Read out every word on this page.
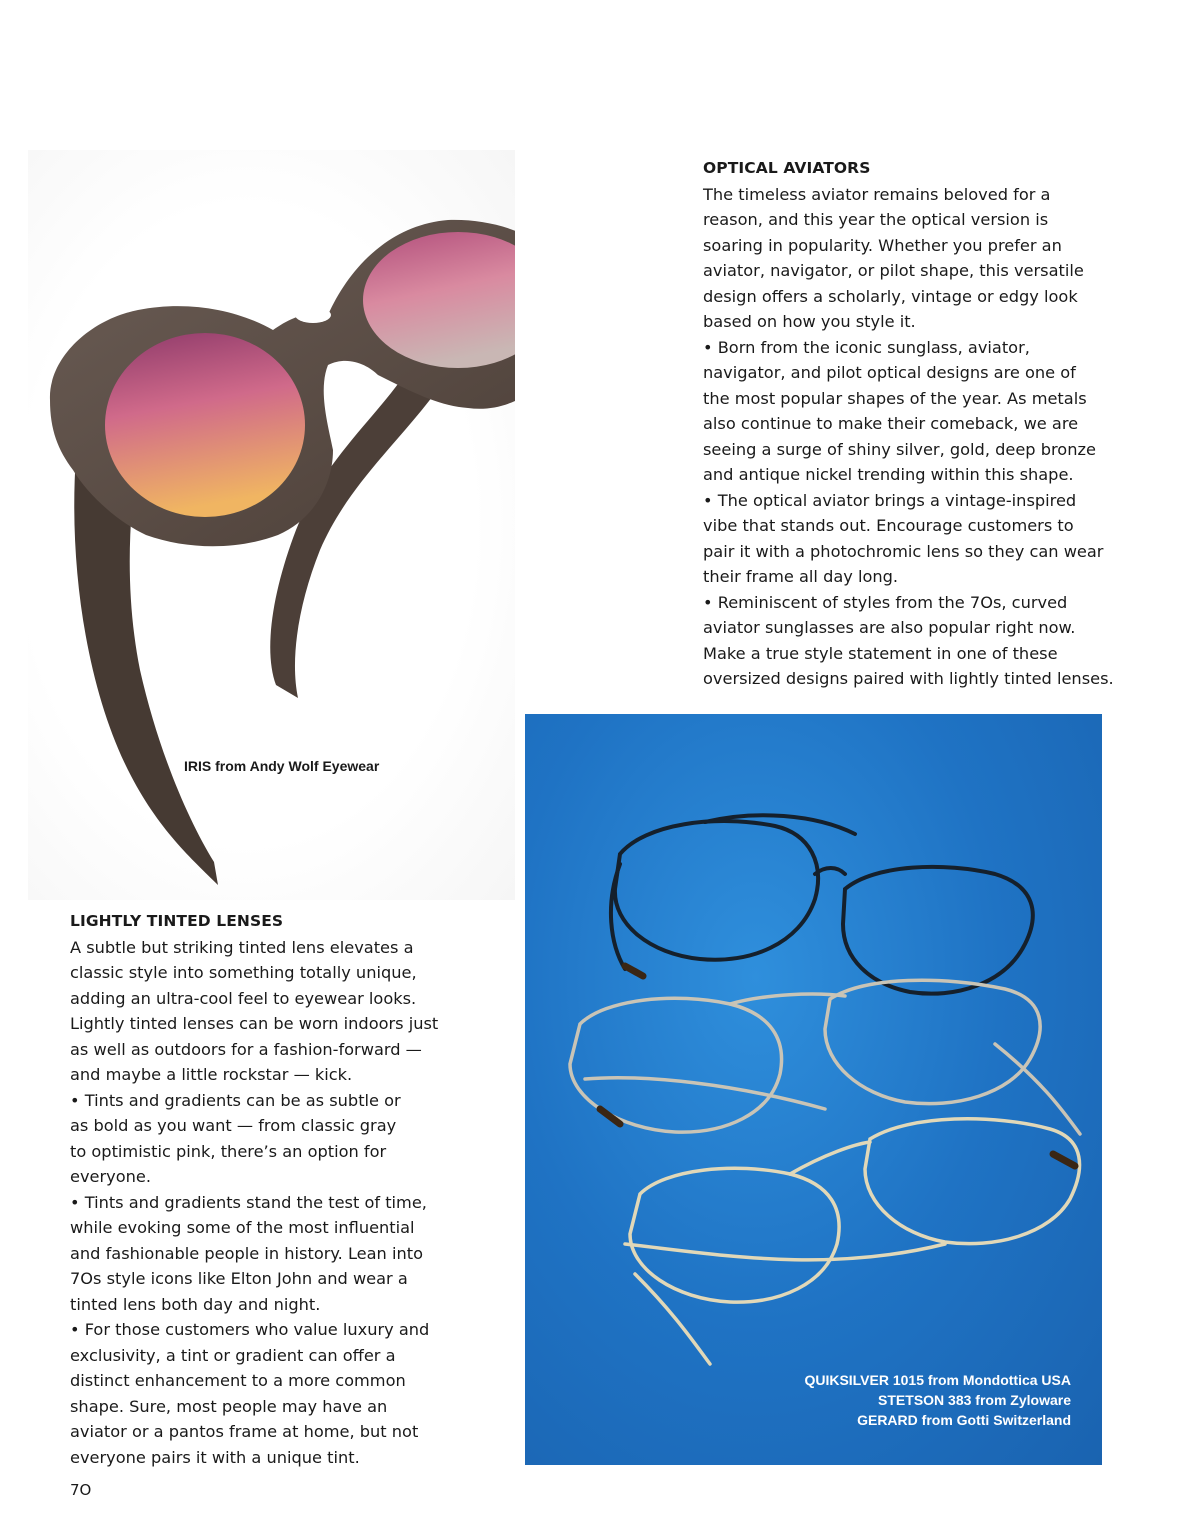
OPTICAL AVIATORS

The timeless aviator remains beloved for a
reason, and this year the optical version is
soaring in popularity. Whether you prefer an
aviator, navigator, or pilot shape, this versatile
design offers a scholarly, vintage or edgy look
based on how you style it.
• Born from the iconic sunglass, aviator,
navigator, and pilot optical designs are one of
the most popular shapes of the year. As metals
also continue to make their comeback, we are
seeing a surge of shiny silver, gold, deep bronze
and antique nickel trending within this shape.
• The optical aviator brings a vintage-inspired
vibe that stands out. Encourage customers to
pair it with a photochromic lens so they can wear
their frame all day long.
• Reminiscent of styles from the 7Os, curved
aviator sunglasses are also popular right now.
Make a true style statement in one of these
oversized designs paired with lightly tinted lenses.

IRIS from Andy Wolf Eyewear
LIGHTLY TINTED LENSES

A subtle but striking tinted lens elevates a
classic style into something totally unique,
adding an ultra-cool feel to eyewear looks.
Lightly tinted lenses can be worn indoors just
as well as outdoors for a fashion-forward —
and maybe a little rockstar — kick.
• Tints and gradients can be as subtle or
as bold as you want — from classic gray
to optimistic pink, there’s an option for
everyone.
• Tints and gradients stand the test of time,
while evoking some of the most influential
and fashionable people in history. Lean into
7Os style icons like Elton John and wear a
tinted lens both day and night.
• For those customers who value luxury and
exclusivity, a tint or gradient can offer a
distinct enhancement to a more common
shape. Sure, most people may have an
aviator or a pantos frame at home, but not
everyone pairs it with a unique tint.

QUIKSILVER 1015 from Mondottica USA
STETSON 383 from Zyloware
GERARD from Gotti Switzerland
7O
